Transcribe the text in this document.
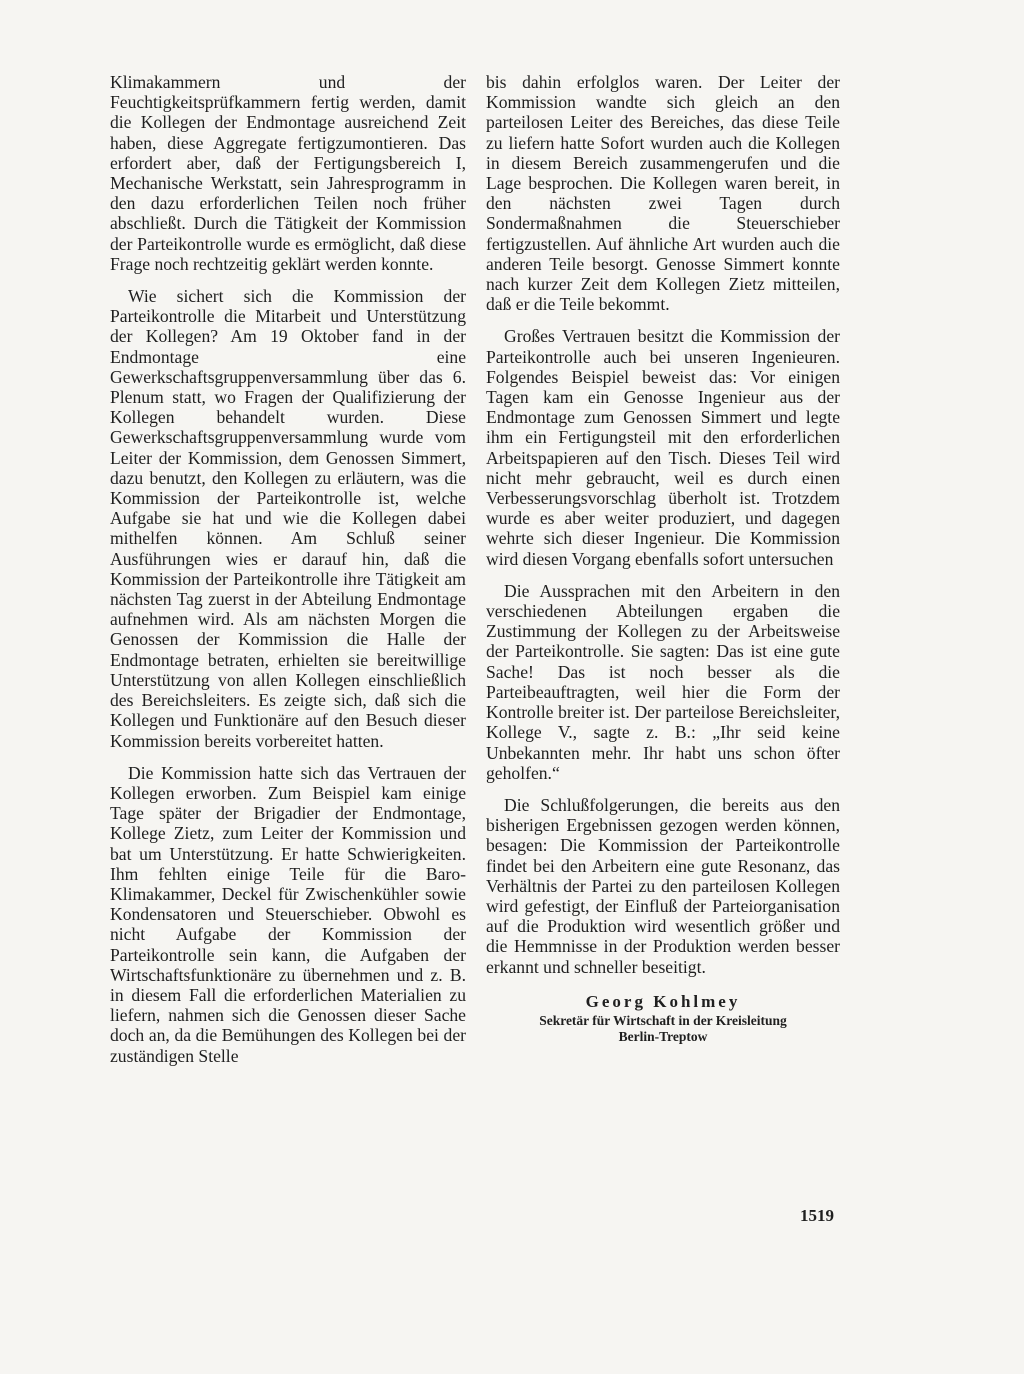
Klimakammern und der Feuchtigkeitsprüfkammern fertig werden, damit die Kollegen der Endmontage ausreichend Zeit haben, diese Aggregate fertigzumontieren. Das erfordert aber, daß der Fertigungsbereich I, Mechanische Werkstatt, sein Jahresprogramm in den dazu erforderlichen Teilen noch früher abschließt. Durch die Tätigkeit der Kommission der Parteikontrolle wurde es ermöglicht, daß diese Frage noch rechtzeitig geklärt werden konnte.

Wie sichert sich die Kommission der Parteikontrolle die Mitarbeit und Unterstützung der Kollegen? Am 19 Oktober fand in der Endmontage eine Gewerkschaftsgruppenversammlung über das 6. Plenum statt, wo Fragen der Qualifizierung der Kollegen behandelt wurden. Diese Gewerkschaftsgruppenversammlung wurde vom Leiter der Kommission, dem Genossen Simmert, dazu benutzt, den Kollegen zu erläutern, was die Kommission der Parteikontrolle ist, welche Aufgabe sie hat und wie die Kollegen dabei mithelfen können. Am Schluß seiner Ausführungen wies er darauf hin, daß die Kommission der Parteikontrolle ihre Tätigkeit am nächsten Tag zuerst in der Abteilung Endmontage aufnehmen wird. Als am nächsten Morgen die Genossen der Kommission die Halle der Endmontage betraten, erhielten sie bereitwillige Unterstützung von allen Kollegen einschließlich des Bereichsleiters. Es zeigte sich, daß sich die Kollegen und Funktionäre auf den Besuch dieser Kommission bereits vorbereitet hatten.

Die Kommission hatte sich das Vertrauen der Kollegen erworben. Zum Beispiel kam einige Tage später der Brigadier der Endmontage, Kollege Zietz, zum Leiter der Kommission und bat um Unterstützung. Er hatte Schwierigkeiten. Ihm fehlten einige Teile für die Baro-Klimakammer, Deckel für Zwischenkühler sowie Kondensatoren und Steuerschieber. Obwohl es nicht Aufgabe der Kommission der Parteikontrolle sein kann, die Aufgaben der Wirtschaftsfunktionäre zu übernehmen und z. B. in diesem Fall die erforderlichen Materialien zu liefern, nahmen sich die Genossen dieser Sache doch an, da die Bemühungen des Kollegen bei der zuständigen Stelle

bis dahin erfolglos waren. Der Leiter der Kommission wandte sich gleich an den parteilosen Leiter des Bereiches, das diese Teile zu liefern hatte Sofort wurden auch die Kollegen in diesem Bereich zusammengerufen und die Lage besprochen. Die Kollegen waren bereit, in den nächsten zwei Tagen durch Sondermaßnahmen die Steuerschieber fertigzustellen. Auf ähnliche Art wurden auch die anderen Teile besorgt. Genosse Simmert konnte nach kurzer Zeit dem Kollegen Zietz mitteilen, daß er die Teile bekommt.

Großes Vertrauen besitzt die Kommission der Parteikontrolle auch bei unseren Ingenieuren. Folgendes Beispiel beweist das: Vor einigen Tagen kam ein Genosse Ingenieur aus der Endmontage zum Genossen Simmert und legte ihm ein Fertigungsteil mit den erforderlichen Arbeitspapieren auf den Tisch. Dieses Teil wird nicht mehr gebraucht, weil es durch einen Verbesserungsvorschlag überholt ist. Trotzdem wurde es aber weiter produziert, und dagegen wehrte sich dieser Ingenieur. Die Kommission wird diesen Vorgang ebenfalls sofort untersuchen

Die Aussprachen mit den Arbeitern in den verschiedenen Abteilungen ergaben die Zustimmung der Kollegen zu der Arbeitsweise der Parteikontrolle. Sie sagten: Das ist eine gute Sache! Das ist noch besser als die Parteibeauftragten, weil hier die Form der Kontrolle breiter ist. Der parteilose Bereichsleiter, Kollege V., sagte z. B.: „Ihr seid keine Unbekannten mehr. Ihr habt uns schon öfter geholfen.“

Die Schlußfolgerungen, die bereits aus den bisherigen Ergebnissen gezogen werden können, besagen: Die Kommission der Parteikontrolle findet bei den Arbeitern eine gute Resonanz, das Verhältnis der Partei zu den parteilosen Kollegen wird gefestigt, der Einfluß der Parteiorganisation auf die Produktion wird wesentlich größer und die Hemmnisse in der Produktion werden besser erkannt und schneller beseitigt.

Georg Kohlmey
Sekretär für Wirtschaft in der Kreisleitung
Berlin-Treptow
1519
